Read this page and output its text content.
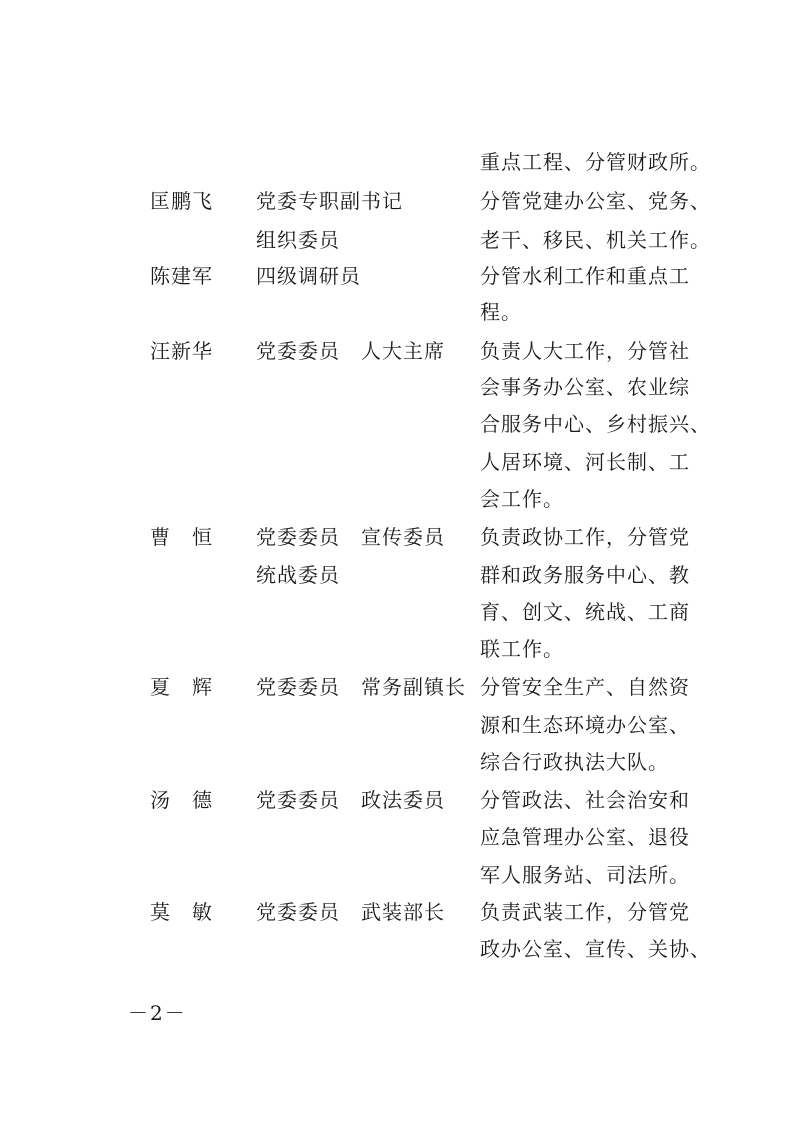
重点工程、分管财政所。
匡鹏飞 党委专职副书记
组织委员
分管党建办公室、党务、
老干、移民、机关工作。
陈建军 四级调研员	分管水利工作和重点工
程。
汪新华 党委委员　人大主席 负责人大工作，分管社
会事务办公室、农业综
合服务中心、乡村振兴、
人居环境、河长制、工
会工作。
曹　恒 党委委员　宣传委员
统战委员
负责政协工作，分管党
群和政务服务中心、教
育、创文、统战、工商
联工作。
夏　辉 党委委员　常务副镇长 分管安全生产、自然资
源和生态环境办公室、
综合行政执法大队。
汤　德 党委委员　政法委员 分管政法、社会治安和
应急管理办公室、退役
军人服务站、司法所。
莫　敏 党委委员　武装部长 负责武装工作，分管党
政办公室、宣传、关协、
－2－
